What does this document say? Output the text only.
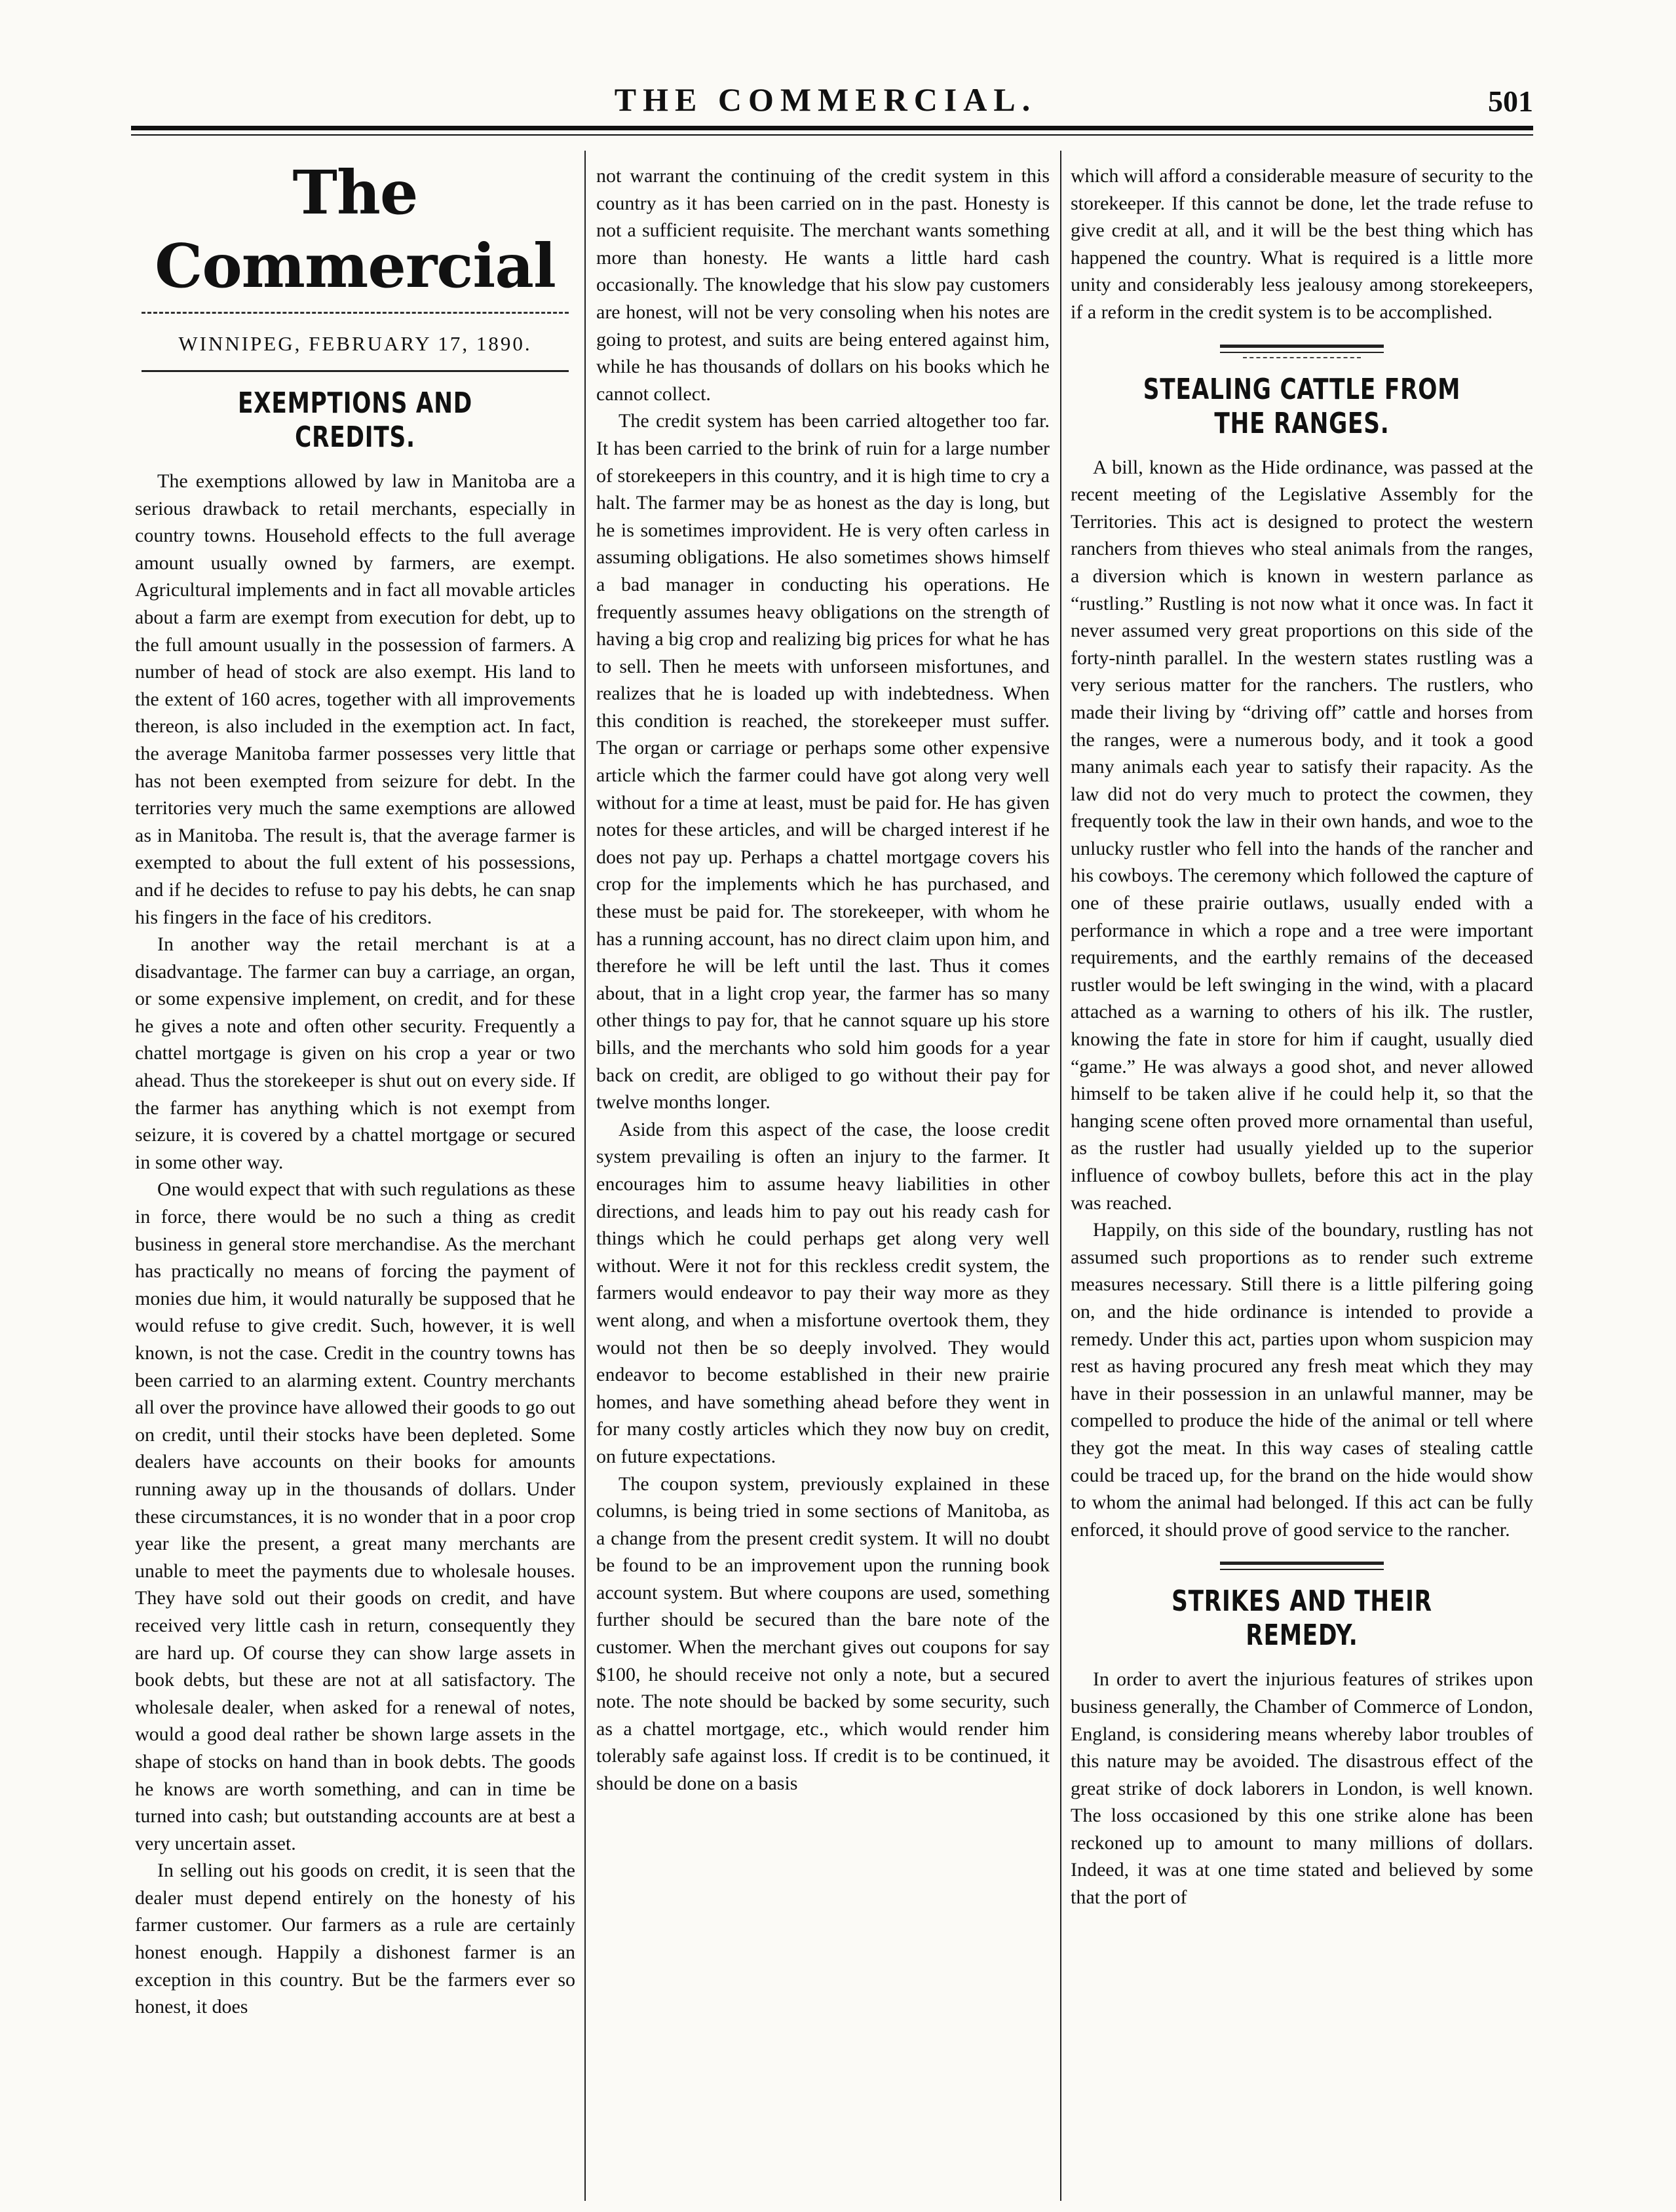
THE COMMERCIAL.	501
The Commercial
WINNIPEG, FEBRUARY 17, 1890.
EXEMPTIONS AND CREDITS.

The exemptions allowed by law in Manitoba are a serious drawback to retail merchants, especially in country towns. Household effects to the full average amount usually owned by farmers, are exempt. Agricultural implements and in fact all movable articles about a farm are exempt from execution for debt, up to the full amount usually in the possession of farmers. A number of head of stock are also exempt. His land to the extent of 160 acres, together with all improvements thereon, is also included in the exemption act. In fact, the average Manitoba farmer possesses very little that has not been exempted from seizure for debt. In the territories very much the same exemptions are allowed as in Manitoba. The result is, that the average farmer is exempted to about the full extent of his possessions, and if he decides to refuse to pay his debts, he can snap his fingers in the face of his creditors.

In another way the retail merchant is at a disadvantage. The farmer can buy a carriage, an organ, or some expensive implement, on credit, and for these he gives a note and often other security. Frequently a chattel mortgage is given on his crop a year or two ahead. Thus the storekeeper is shut out on every side. If the farmer has anything which is not exempt from seizure, it is covered by a chattel mortgage or secured in some other way.

One would expect that with such regulations as these in force, there would be no such a thing as credit business in general store merchandise. As the merchant has practically no means of forcing the payment of monies due him, it would naturally be supposed that he would refuse to give credit. Such, however, it is well known, is not the case. Credit in the country towns has been carried to an alarming extent. Country merchants all over the province have allowed their goods to go out on credit, until their stocks have been depleted. Some dealers have accounts on their books for amounts running away up in the thousands of dollars. Under these circumstances, it is no wonder that in a poor crop year like the present, a great many merchants are unable to meet the payments due to wholesale houses. They have sold out their goods on credit, and have received very little cash in return, consequently they are hard up. Of course they can show large assets in book debts, but these are not at all satisfactory. The wholesale dealer, when asked for a renewal of notes, would a good deal rather be shown large assets in the shape of stocks on hand than in book debts. The goods he knows are worth something, and can in time be turned into cash; but outstanding accounts are at best a very uncertain asset.

In selling out his goods on credit, it is seen that the dealer must depend entirely on the honesty of his farmer customer. Our farmers as a rule are certainly honest enough. Happily a dishonest farmer is an exception in this country. But be the farmers ever so honest, it does

not warrant the continuing of the credit system in this country as it has been carried on in the past. Honesty is not a sufficient requisite. The merchant wants something more than honesty. He wants a little hard cash occasionally. The knowledge that his slow pay customers are honest, will not be very consoling when his notes are going to protest, and suits are being entered against him, while he has thousands of dollars on his books which he cannot collect.

The credit system has been carried altogether too far. It has been carried to the brink of ruin for a large number of storekeepers in this country, and it is high time to cry a halt. The farmer may be as honest as the day is long, but he is sometimes improvident. He is very often carless in assuming obligations. He also sometimes shows himself a bad manager in conducting his operations. He frequently assumes heavy obligations on the strength of having a big crop and realizing big prices for what he has to sell. Then he meets with unforseen misfortunes, and realizes that he is loaded up with indebtedness. When this condition is reached, the storekeeper must suffer. The organ or carriage or perhaps some other expensive article which the farmer could have got along very well without for a time at least, must be paid for. He has given notes for these articles, and will be charged interest if he does not pay up. Perhaps a chattel mortgage covers his crop for the implements which he has purchased, and these must be paid for. The storekeeper, with whom he has a running account, has no direct claim upon him, and therefore he will be left until the last. Thus it comes about, that in a light crop year, the farmer has so many other things to pay for, that he cannot square up his store bills, and the merchants who sold him goods for a year back on credit, are obliged to go without their pay for twelve months longer.

Aside from this aspect of the case, the loose credit system prevailing is often an injury to the farmer. It encourages him to assume heavy liabilities in other directions, and leads him to pay out his ready cash for things which he could perhaps get along very well without. Were it not for this reckless credit system, the farmers would endeavor to pay their way more as they went along, and when a misfortune overtook them, they would not then be so deeply involved. They would endeavor to become established in their new prairie homes, and have something ahead before they went in for many costly articles which they now buy on credit, on future expectations.

The coupon system, previously explained in these columns, is being tried in some sections of Manitoba, as a change from the present credit system. It will no doubt be found to be an improvement upon the running book account system. But where coupons are used, something further should be secured than the bare note of the customer. When the merchant gives out coupons for say $100, he should receive not only a note, but a secured note. The note should be backed by some security, such as a chattel mortgage, etc., which would render him tolerably safe against loss. If credit is to be continued, it should be done on a basis

which will afford a considerable measure of security to the storekeeper. If this cannot be done, let the trade refuse to give credit at all, and it will be the best thing which has happened the country. What is required is a little more unity and considerably less jealousy among storekeepers, if a reform in the credit system is to be accomplished.

STEALING CATTLE FROM THE RANGES.

A bill, known as the Hide ordinance, was passed at the recent meeting of the Legislative Assembly for the Territories. This act is designed to protect the western ranchers from thieves who steal animals from the ranges, a diversion which is known in western parlance as “rustling.” Rustling is not now what it once was. In fact it never assumed very great proportions on this side of the forty-ninth parallel. In the western states rustling was a very serious matter for the ranchers. The rustlers, who made their living by “driving off” cattle and horses from the ranges, were a numerous body, and it took a good many animals each year to satisfy their rapacity. As the law did not do very much to protect the cowmen, they frequently took the law in their own hands, and woe to the unlucky rustler who fell into the hands of the rancher and his cowboys. The ceremony which followed the capture of one of these prairie outlaws, usually ended with a performance in which a rope and a tree were important requirements, and the earthly remains of the deceased rustler would be left swinging in the wind, with a placard attached as a warning to others of his ilk. The rustler, knowing the fate in store for him if caught, usually died “game.” He was always a good shot, and never allowed himself to be taken alive if he could help it, so that the hanging scene often proved more ornamental than useful, as the rustler had usually yielded up to the superior influence of cowboy bullets, before this act in the play was reached.

Happily, on this side of the boundary, rustling has not assumed such proportions as to render such extreme measures necessary. Still there is a little pilfering going on, and the hide ordinance is intended to provide a remedy. Under this act, parties upon whom suspicion may rest as having procured any fresh meat which they may have in their possession in an unlawful manner, may be compelled to produce the hide of the animal or tell where they got the meat. In this way cases of stealing cattle could be traced up, for the brand on the hide would show to whom the animal had belonged. If this act can be fully enforced, it should prove of good service to the rancher.

STRIKES AND THEIR REMEDY.

In order to avert the injurious features of strikes upon business generally, the Chamber of Commerce of London, England, is considering means whereby labor troubles of this nature may be avoided. The disastrous effect of the great strike of dock laborers in London, is well known. The loss occasioned by this one strike alone has been reckoned up to amount to many millions of dollars. Indeed, it was at one time stated and believed by some that the port of
